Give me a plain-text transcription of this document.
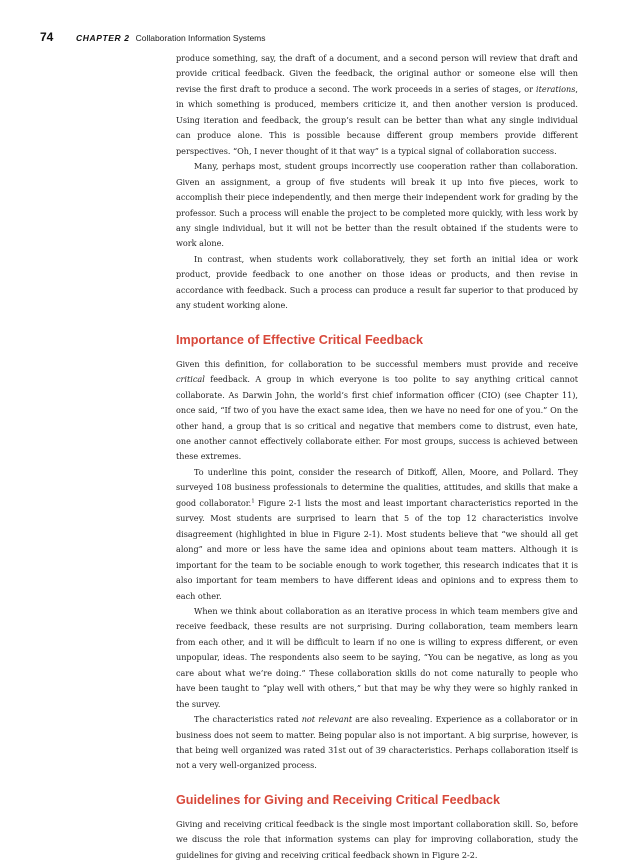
74	CHAPTER 2 Collaboration Information Systems

produce something, say, the draft of a document, and a second person will review that draft and provide critical feedback. Given the feedback, the original author or someone else will then revise the first draft to produce a second. The work proceeds in a series of stages, or iterations, in which something is produced, members criticize it, and then another version is produced. Using iteration and feedback, the group’s result can be better than what any single individual can produce alone. This is possible because different group members provide different perspectives. “Oh, I never thought of it that way” is a typical signal of collaboration success.

Many, perhaps most, student groups incorrectly use cooperation rather than collaboration. Given an assignment, a group of five students will break it up into five pieces, work to accomplish their piece independently, and then merge their independent work for grading by the professor. Such a process will enable the project to be completed more quickly, with less work by any single individual, but it will not be better than the result obtained if the students were to work alone.

In contrast, when students work collaboratively, they set forth an initial idea or work product, provide feedback to one another on those ideas or products, and then revise in accordance with feedback. Such a process can produce a result far superior to that produced by any student working alone.

Importance of Effective Critical Feedback

Given this definition, for collaboration to be successful members must provide and receive critical feedback. A group in which everyone is too polite to say anything critical cannot collaborate. As Darwin John, the world’s first chief information officer (CIO) (see Chapter 11), once said, “If two of you have the exact same idea, then we have no need for one of you.” On the other hand, a group that is so critical and negative that members come to distrust, even hate, one another cannot effectively collaborate either. For most groups, success is achieved between these extremes.

To underline this point, consider the research of Ditkoff, Allen, Moore, and Pollard. They surveyed 108 business professionals to determine the qualities, attitudes, and skills that make a good collaborator.$^1$ Figure 2-1 lists the most and least important characteristics reported in the survey. Most students are surprised to learn that 5 of the top 12 characteristics involve disagreement (highlighted in blue in Figure 2-1). Most students believe that “we should all get along” and more or less have the same idea and opinions about team matters. Although it is important for the team to be sociable enough to work together, this research indicates that it is also important for team members to have different ideas and opinions and to express them to each other.

When we think about collaboration as an iterative process in which team members give and receive feedback, these results are not surprising. During collaboration, team members learn from each other, and it will be difficult to learn if no one is willing to express different, or even unpopular, ideas. The respondents also seem to be saying, “You can be negative, as long as you care about what we’re doing.” These collaboration skills do not come naturally to people who have been taught to “play well with others,” but that may be why they were so highly ranked in the survey.

The characteristics rated not relevant are also revealing. Experience as a collaborator or in business does not seem to matter. Being popular also is not important. A big surprise, however, is that being well organized was rated 31st out of 39 characteristics. Perhaps collaboration itself is not a very well-organized process.

Guidelines for Giving and Receiving Critical Feedback

Giving and receiving critical feedback is the single most important collaboration skill. So, before we discuss the role that information systems can play for improving collaboration, study the guidelines for giving and receiving critical feedback shown in Figure 2-2.
